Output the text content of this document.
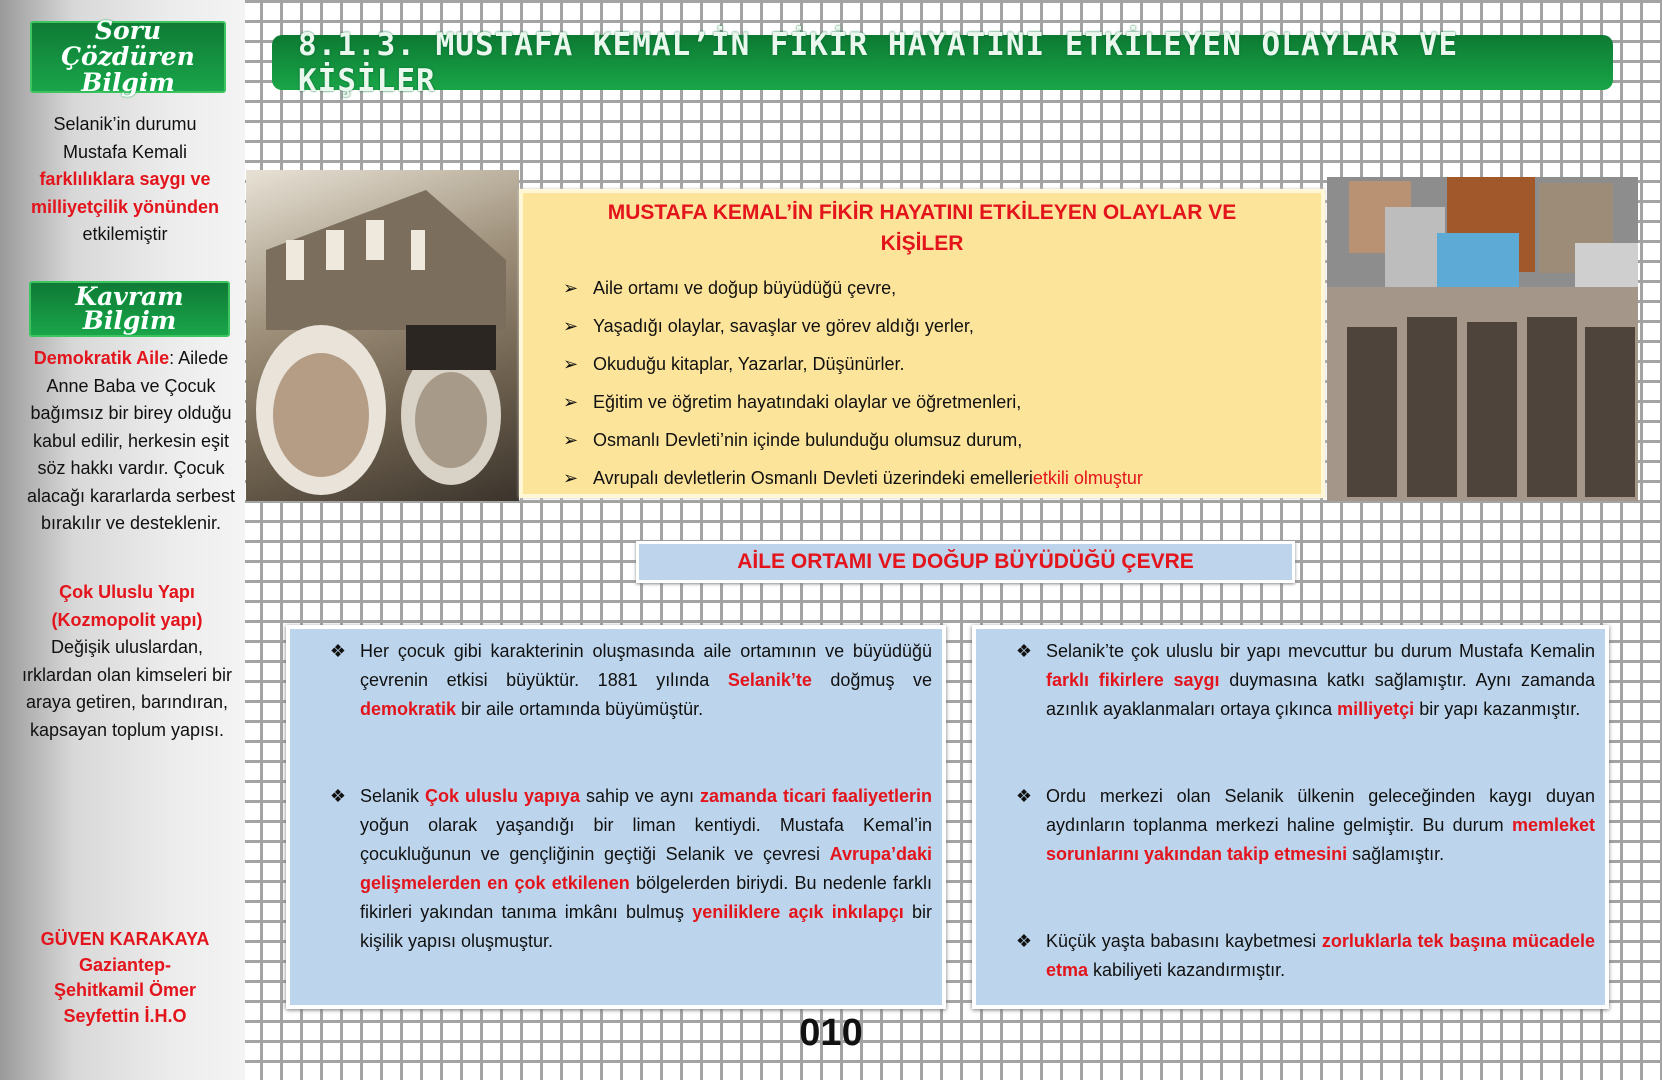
Soru Çözdüren
Bilgim
Selanik’in durumu
Mustafa Kemali
farklılıklara saygı ve
milliyetçilik yönünden
etkilemiştir
Kavram
Bilgim
Demokratik Aile: Ailede Anne Baba ve Çocuk bağımsız bir birey olduğu kabul edilir, herkesin eşit söz hakkı vardır. Çocuk alacağı kararlarda serbest bırakılır ve desteklenir.
Çok Uluslu Yapı
(Kozmopolit yapı)
Değişik uluslardan, ırklardan olan kimseleri bir araya getiren, barındıran, kapsayan toplum yapısı.
GÜVEN KARAKAYA
Gaziantep-
Şehitkamil Ömer
Seyfettin İ.H.O
8.1.3. MUSTAFA KEMAL’İN FİKİR HAYATINI ETKİLEYEN OLAYLAR VE KİŞİLER
MUSTAFA KEMAL’İN FİKİR HAYATINI ETKİLEYEN OLAYLAR VE
KİŞİLER
➢ Aile ortamı ve doğup büyüdüğü çevre,
➢ Yaşadığı olaylar, savaşlar ve görev aldığı yerler,
➢ Okuduğu kitaplar, Yazarlar, Düşünürler.
➢ Eğitim ve öğretim hayatındaki olaylar ve öğretmenleri,
➢ Osmanlı Devleti’nin içinde bulunduğu olumsuz durum,
➢ Avrupalı devletlerin Osmanlı Devleti üzerindeki emelleri etkili olmuştur
AİLE ORTAMI VE DOĞUP BÜYÜDÜĞÜ ÇEVRE
❖ Her çocuk gibi karakterinin oluşmasında aile ortamının ve büyüdüğü çevrenin etkisi büyüktür. 1881 yılında Selanik’te doğmuş ve demokratik bir aile ortamında büyümüştür.
❖ Selanik Çok uluslu yapıya sahip ve aynı zamanda ticari faaliyetlerin yoğun olarak yaşandığı bir liman kentiydi. Mustafa Kemal’in çocukluğunun ve gençliğinin geçtiği Selanik ve çevresi Avrupa’daki gelişmelerden en çok etkilenen bölgelerden biriydi. Bu nedenle farklı fikirleri yakından tanıma imkânı bulmuş yeniliklere açık inkılapçı bir kişilik yapısı oluşmuştur.
❖ Selanik’te çok uluslu bir yapı mevcuttur bu durum Mustafa Kemalin farklı fikirlere saygı duymasına katkı sağlamıştır. Aynı zamanda azınlık ayaklanmaları ortaya çıkınca milliyetçi bir yapı kazanmıştır.
❖ Ordu merkezi olan Selanik ülkenin geleceğinden kaygı duyan aydınların toplanma merkezi haline gelmiştir. Bu durum memleket sorunlarını yakından takip etmesini sağlamıştır.
❖ Küçük yaşta babasını kaybetmesi zorluklarla tek başına mücadele etma kabiliyeti kazandırmıştır.
010
